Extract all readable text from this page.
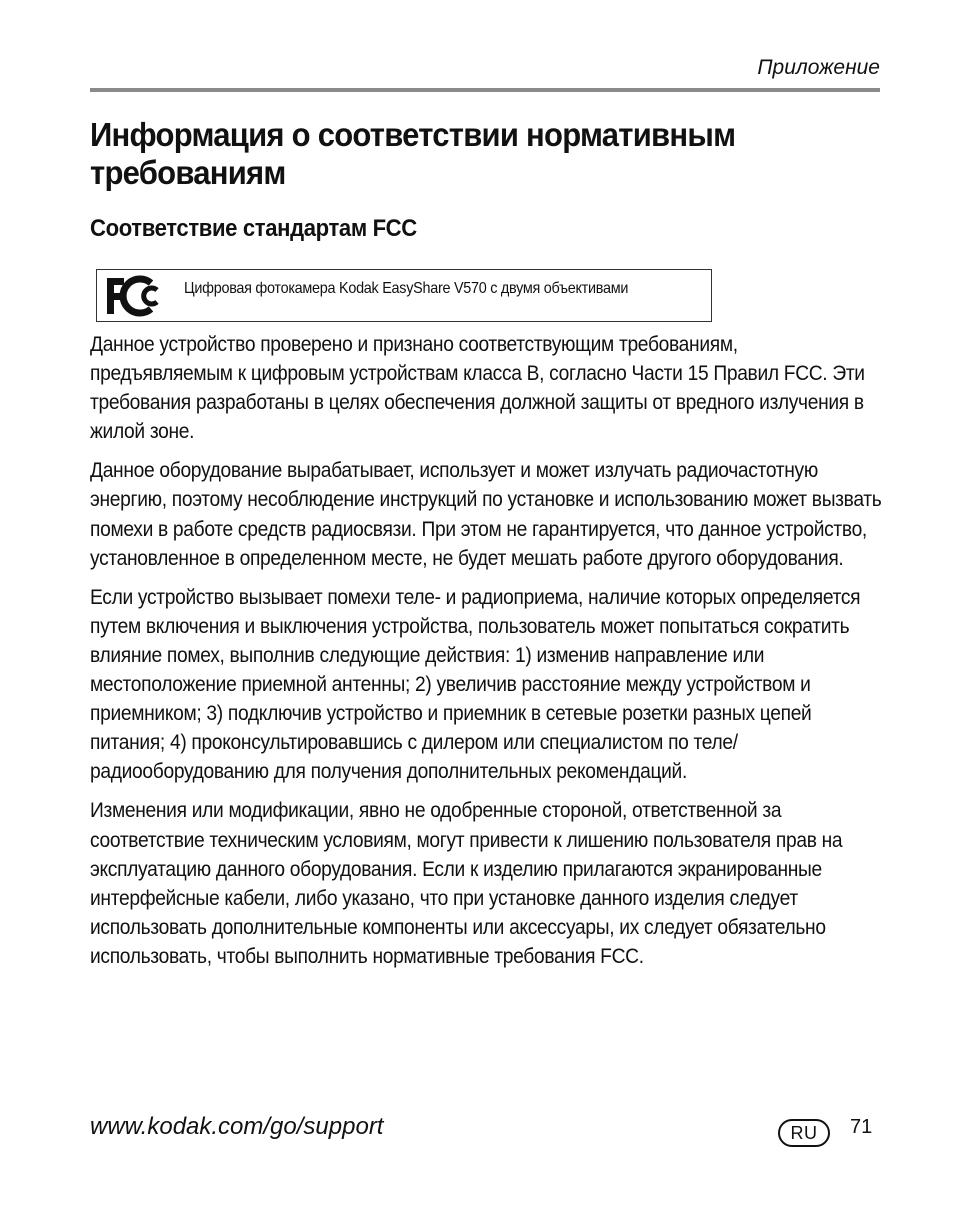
Приложение
Информация о соответствии нормативным требованиям
Соответствие стандартам FCC
Цифровая фотокамера Kodak EasyShare V570 с двумя объективами

Данное устройство проверено и признано соответствующим требованиям, предъявляемым к цифровым устройствам класса B, согласно Части 15 Правил FCC. Эти требования разработаны в целях обеспечения должной защиты от вредного излучения в жилой зоне.

Данное оборудование вырабатывает, использует и может излучать радиочастотную энергию, поэтому несоблюдение инструкций по установке и использованию может вызвать помехи в работе средств радиосвязи. При этом не гарантируется, что данное устройство, установленное в определенном месте, не будет мешать работе другого оборудования.

Если устройство вызывает помехи теле- и радиоприема, наличие которых определяется путем включения и выключения устройства, пользователь может попытаться сократить влияние помех, выполнив следующие действия: 1) изменив направление или местоположение приемной антенны; 2) увеличив расстояние между устройством и приемником; 3) подключив устройство и приемник в сетевые розетки разных цепей питания; 4) проконсультировавшись с дилером или специалистом по теле/радиооборудованию для получения дополнительных рекомендаций.

Изменения или модификации, явно не одобренные стороной, ответственной за соответствие техническим условиям, могут привести к лишению пользователя прав на эксплуатацию данного оборудования. Если к изделию прилагаются экранированные интерфейсные кабели, либо указано, что при установке данного изделия следует использовать дополнительные компоненты или аксессуары, их следует обязательно использовать, чтобы выполнить нормативные требования FCC.

www.kodak.com/go/support	RU	71
